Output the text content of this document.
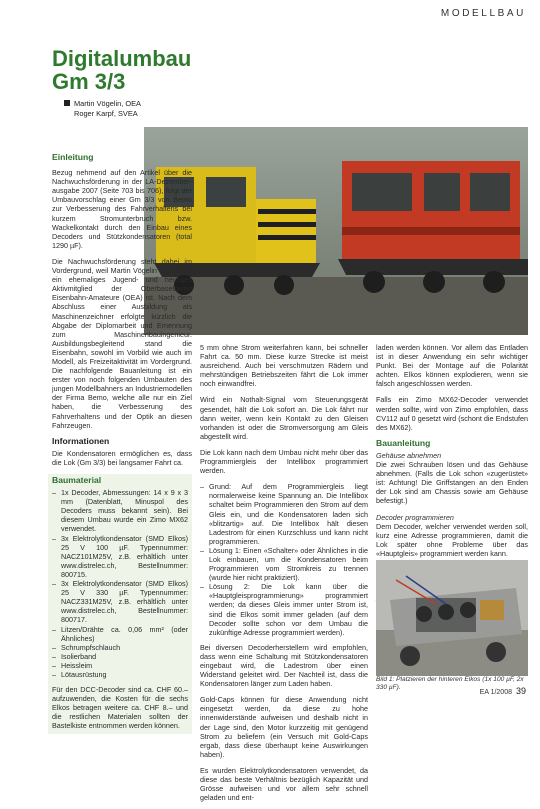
MODELLBAU
Digitalumbau
Gm 3/3
Martin Vögelin, OEA
Roger Karpf, SVEA
Einleitung

Bezug nehmend auf den Artikel über die Nachwuchsförderung in der LA-Dezember-ausgabe 2007 (Seite 703 bis 706), folgt der Umbauvorschlag einer Gm 3/3 von Bemo zur Verbesserung des Fahrverhaltens bei kurzem Stromunterbruch bzw. Wackelkontakt durch den Einbau eines Decoders und Stützkondensatoren (total 1290 µF).

Die Nachwuchsförderung steht dabei im Vordergrund, weil Martin Vögelin (Jg. 1981) ein ehemaliges Jugend- und heutiges Aktivmitglied der Oberbaselbieter Eisenbahn-Amateure (OEA) ist. Nach dem Abschluss einer Ausbildung als Maschinenzeichner erfolgte kürzlich die Abgabe der Diplomarbeit und Ernennung zum Maschinenbauingenieur. Ausbildungsbegleitend stand die Eisenbahn, sowohl im Vorbild wie auch im Modell, als Freizeitaktivität im Vordergrund. Die nachfolgende Bauanleitung ist ein erster von noch folgenden Umbauten des jungen Modellbahners an Industriemodellen der Firma Bemo, welche alle nur ein Ziel haben, die Verbesserung des Fahrverhaltens und der Optik an diesen Fahrzeugen.

Informationen

Die Kondensatoren ermöglichen es, dass die Lok (Gm 3/3) bei langsamer Fahrt ca.

Baumaterial
– 1x Decoder, Abmessungen: 14 x 9 x 3 mm (Datenblatt, Minuspol des Decoders muss bekannt sein). Bei diesem Umbau wurde ein Zimo MX62 verwendet.
– 3x Elektrolytkondensator (SMD Elkos) 25 V 100 µF. Typennummer: NACZ101M25V, z.B. erhältlich unter www.distrelec.ch, Bestellnummer: 800715.
– 3x Elektrolytkondensator (SMD Elkos) 25 V 330 µF. Typennummer: NACZ331M25V, z.B. erhältlich unter www.distrelec.ch, Bestellnummer: 800717.
– Litzen/Drähte ca. 0,06 mm² (oder Ähnliches)
– Schrumpfschlauch
– Isolierband
– Heissleim
– Lötausrüstung

Für den DCC-Decoder sind ca. CHF 60.– aufzuwenden, die Kosten für die sechs Elkos betragen weitere ca. CHF 8.– und die restlichen Materialen sollten der Bastelkiste entnommen werden können.

5 mm ohne Strom weiterfahren kann, bei schneller Fahrt ca. 50 mm. Diese kurze Strecke ist meist ausreichend. Auch bei verschmutzen Rädern und mehrstündigen Betriebszeiten fährt die Lok immer noch einwandfrei.

Wird ein Nothalt-Signal vom Steuerungsgerät gesendet, hält die Lok sofort an. Die Lok fährt nur dann weiter, wenn kein Kontakt zu den Gleisen vorhanden ist oder die Stromversorgung am Gleis abgestellt wird.

Die Lok kann nach dem Umbau nicht mehr über das Programmiergleis der Intellibox programmiert werden.

– Grund: Auf dem Programmiergleis liegt normalerweise keine Spannung an. Die Intellibox schaltet beim Programmieren den Strom auf dem Gleis ein, und die Kondensatoren laden sich «blitzartig» auf. Die Intellibox hält diesen Ladestrom für einen Kurzschluss und kann nicht programmieren.
– Lösung 1: Einen «Schalter» oder Ähnliches in die Lok einbauen, um die Kondensatoren beim Programmieren vom Stromkreis zu trennen (wurde hier nicht praktiziert).
– Lösung 2: Die Lok kann über die «Hauptgleisprogrammierung» programmiert werden; da dieses Gleis immer unter Strom ist, sind die Elkos somit immer geladen (auf dem Decoder sollte schon vor dem Umbau die zukünftige Adresse programmiert werden).

Bei diversen Decoderherstellern wird empfohlen, dass wenn eine Schaltung mit Stützkondensatoren eingebaut wird, die Ladestrom über einen Widerstand geleitet wird. Der Nachteil ist, dass die Kondensatoren länger zum Laden haben.

Gold-Caps können für diese Anwendung nicht eingesetzt werden, da diese zu hohe innenwiderstände aufweisen und deshalb nicht in der Lage sind, den Motor kurzzeitig mit genügend Strom zu beliefern (ein Versuch mit Gold-Caps ergab, dass diese überhaupt keine Auswirkungen haben).

Es wurden Elektrolytkondensatoren verwendet, da diese das beste Verhältnis bezüglich Kapazität und Grösse aufweisen und vor allem sehr schnell geladen und ent-

laden werden können. Vor allem das Entladen ist in dieser Anwendung ein sehr wichtiger Punkt. Bei der Montage auf die Polarität achten. Elkos können explodieren, wenn sie falsch angeschlossen werden.

Falls ein Zimo MX62-Decoder verwendet werden sollte, wird von Zimo empfohlen, dass CV112 auf 0 gesetzt wird (schont die Endstufen des MX62).

Bauanleitung
Gehäuse abnehmen

Die zwei Schrauben lösen und das Gehäuse abnehmen. (Falls die Lok schon «zugerüstet» ist: Achtung! Die Griffstangen an den Enden der Lok sind am Chassis sowie am Gehäuse befestigt.)

Decoder programmieren

Dem Decoder, welcher verwendet werden soll, kurz eine Adresse programmieren, damit die Lok später ohne Probleme über das «Hauptgleis» programmiert werden kann.

Bild 1: Platzieren der hinteren Elkos (1x 100 µF, 2x 330 µF).
EA 1/2008 39
